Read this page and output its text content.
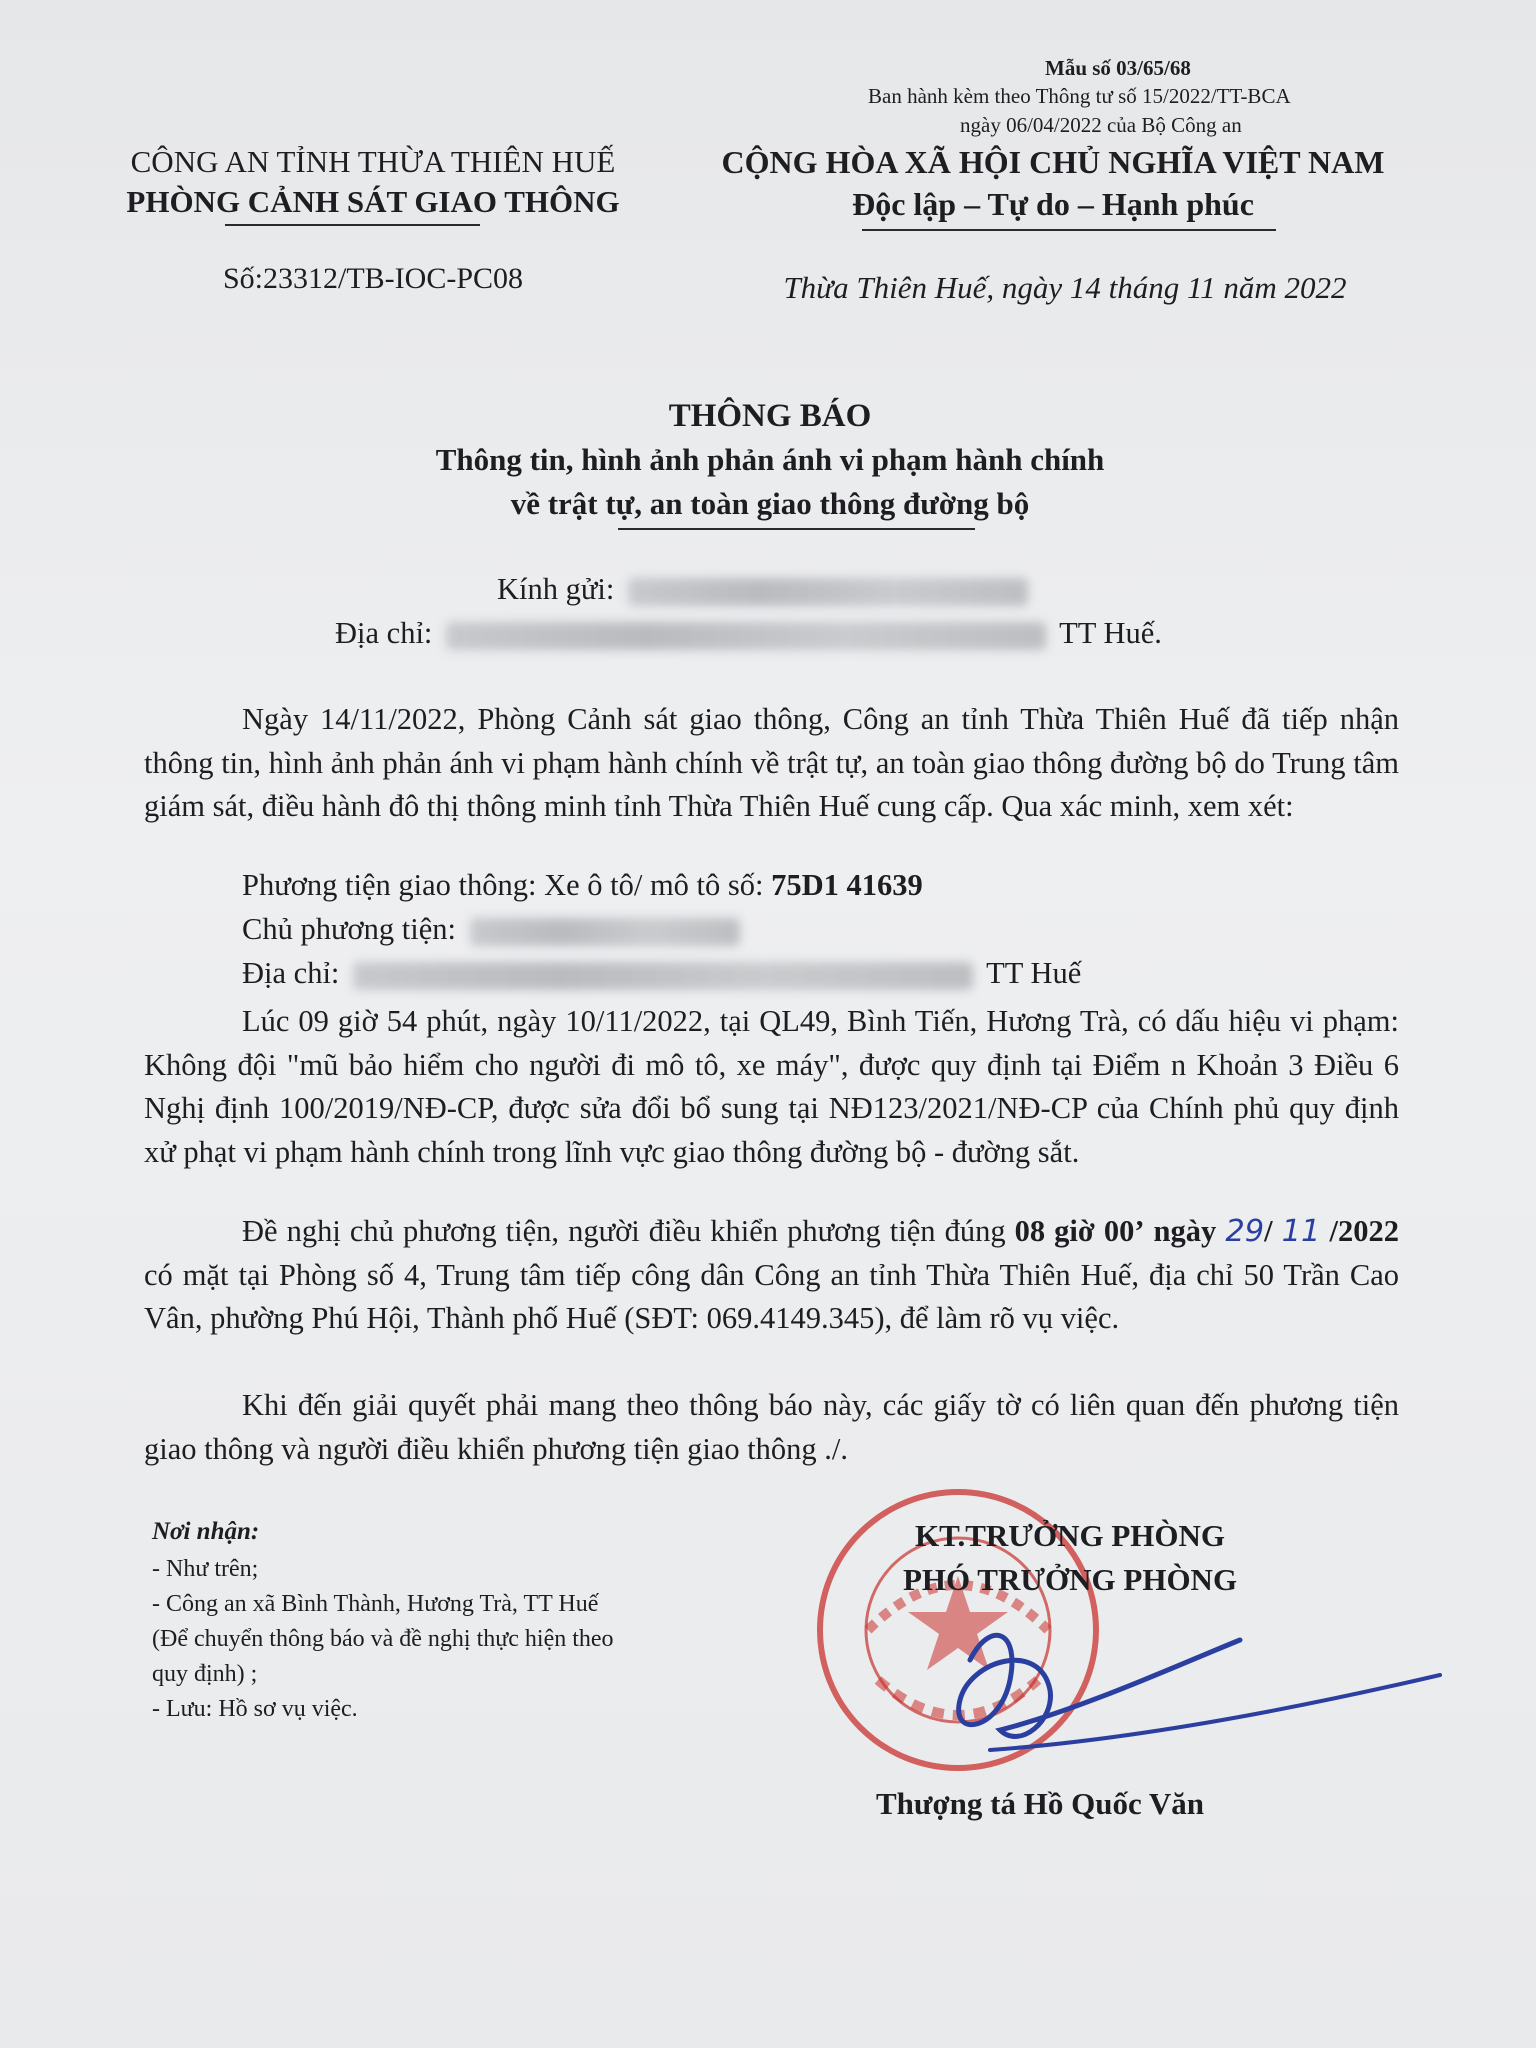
Mẫu số 03/65/68
Ban hành kèm theo Thông tư số 15/2022/TT-BCA
ngày 06/04/2022 của Bộ Công an
CÔNG AN TỈNH THỪA THIÊN HUẾ
PHÒNG CẢNH SÁT GIAO THÔNG
Số:23312/TB-IOC-PC08
CỘNG HÒA XÃ HỘI CHỦ NGHĨA VIỆT NAM
Độc lập – Tự do – Hạnh phúc
Thừa Thiên Huế, ngày 14 tháng 11 năm 2022
THÔNG BÁO
Thông tin, hình ảnh phản ánh vi phạm hành chính
về trật tự, an toàn giao thông đường bộ
Kính gửi:
Địa chỉ:	TT Huế.
Ngày 14/11/2022, Phòng Cảnh sát giao thông, Công an tỉnh Thừa Thiên Huế đã tiếp nhận thông tin, hình ảnh phản ánh vi phạm hành chính về trật tự, an toàn giao thông đường bộ do Trung tâm giám sát, điều hành đô thị thông minh tỉnh Thừa Thiên Huế cung cấp. Qua xác minh, xem xét:
Phương tiện giao thông: Xe ô tô/ mô tô số: 75D1 41639
Chủ phương tiện:
Địa chỉ:	TT Huế
Lúc 09 giờ 54 phút, ngày 10/11/2022, tại QL49, Bình Tiến, Hương Trà, có dấu hiệu vi phạm: Không đội "mũ bảo hiểm cho người đi mô tô, xe máy", được quy định tại Điểm n Khoản 3 Điều 6 Nghị định 100/2019/NĐ-CP, được sửa đổi bổ sung tại NĐ123/2021/NĐ-CP của Chính phủ quy định xử phạt vi phạm hành chính trong lĩnh vực giao thông đường bộ - đường sắt.
Đề nghị chủ phương tiện, người điều khiển phương tiện đúng 08 giờ 00’ ngày 29/ 11 /2022 có mặt tại Phòng số 4, Trung tâm tiếp công dân Công an tỉnh Thừa Thiên Huế, địa chỉ 50 Trần Cao Vân, phường Phú Hội, Thành phố Huế (SĐT: 069.4149.345), để làm rõ vụ việc.
Khi đến giải quyết phải mang theo thông báo này, các giấy tờ có liên quan đến phương tiện giao thông và người điều khiển phương tiện giao thông ./.
Nơi nhận:
- Như trên;
- Công an xã Bình Thành, Hương Trà, TT Huế
(Để chuyển thông báo và đề nghị thực hiện theo
quy định) ;
- Lưu: Hồ sơ vụ việc.
KT.TRƯỞNG PHÒNG
PHÓ TRƯỞNG PHÒNG
Thượng tá Hồ Quốc Văn
